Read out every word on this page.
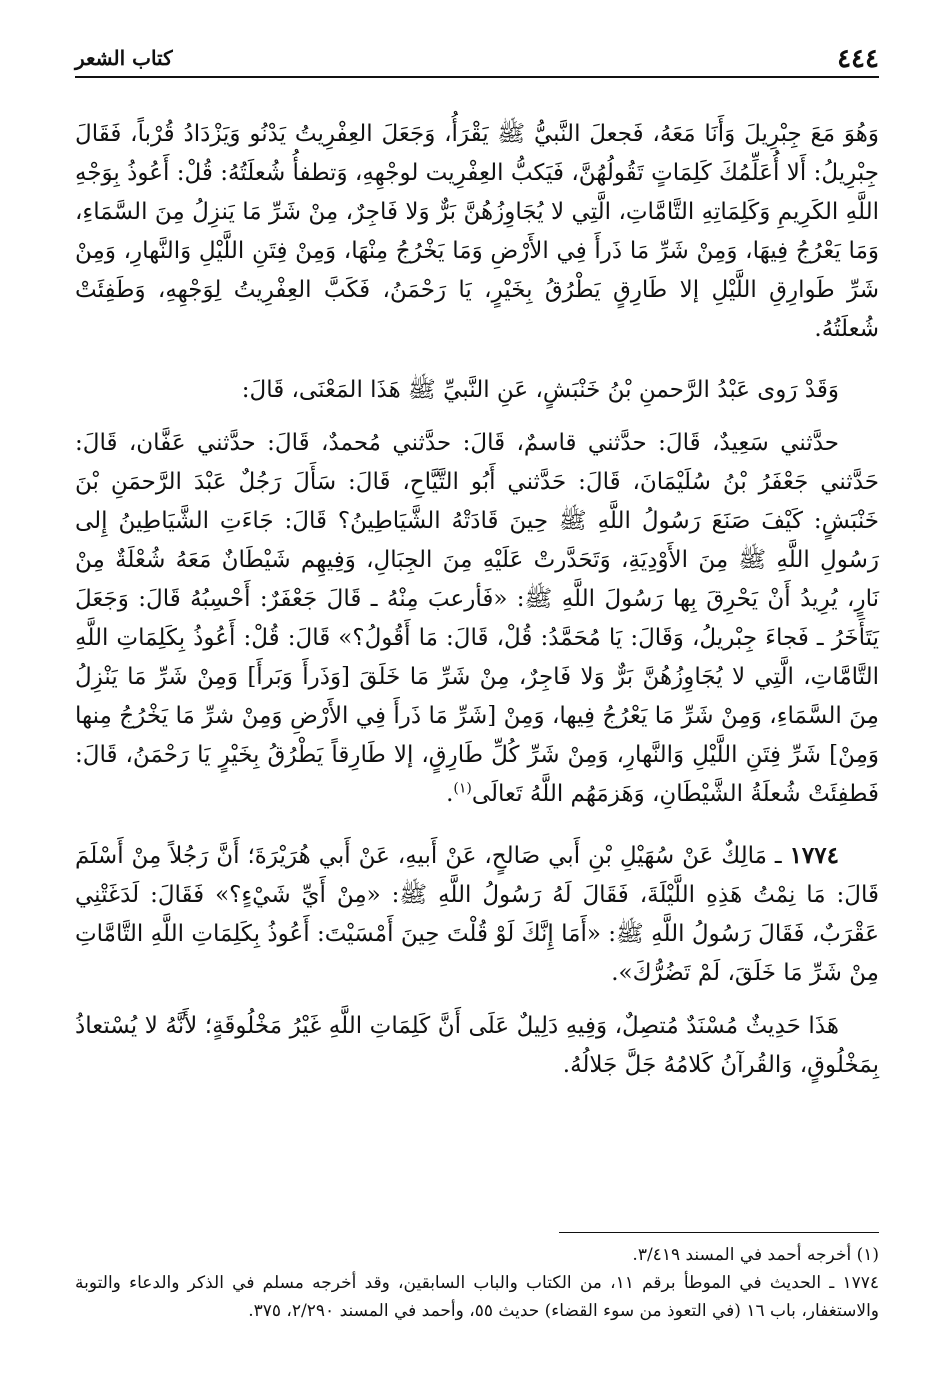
٤٤٤
كتاب الشعر

وَهُوَ مَعَ جِبْرِيلَ وَأَنَا مَعَهُ، فَجعلَ النَّبيُّ ﷺ يَقْرَأُ، وَجَعَلَ العِفْرِيتُ يَدْنُو وَيَزْدَادُ قُرْباً، فَقَالَ جِبْرِيلُ: أَلا أُعَلِّمُكَ كَلِمَاتٍ تَقُولُهُنَّ، فَيَكبُّ العِفْرِيت لوجْهِهِ، وَتطفأُ شُعلَتُهُ: قُلْ: أَعُوذُ بِوَجْهِ اللَّهِ الكَرِيمِ وَكَلِمَاتِهِ التَّامَّاتِ، الَّتِي لا يُجَاوِزُهُنَّ بَرٌّ وَلا فَاجِرٌ، مِنْ شَرِّ مَا يَنزِلُ مِنَ السَّمَاءِ، وَمَا يَعْرُجُ فِيهَا، وَمِنْ شَرِّ مَا ذَرأَ فِي الأَرْضِ وَمَا يَخْرُجُ مِنْهَا، وَمِنْ فِتَنِ اللَّيْلِ وَالنَّهارِ، وَمِنْ شَرِّ طَوارِقِ اللَّيْلِ إلا طَارِقٍ يَطْرُقُ بِخَيْرٍ، يَا رَحْمَنُ، فَكَبَّ العِفْرِيتُ لِوَجْهِهِ، وَطَفِئَتْ شُعلَتُهُ.

وَقَدْ رَوى عَبْدُ الرَّحمنِ بْنُ خَنْبَشٍ، عَنِ النَّبيِّ ﷺ هَذَا المَعْنَى، قَالَ:

حدَّثني سَعِيدٌ، قَالَ: حدَّثني قاسمٌ، قَالَ: حدَّثني مُحمدٌ، قَالَ: حدَّثني عَفَّان، قَالَ: حَدَّثني جَعْفَرُ بْنُ سُلَيْمَانَ، قَالَ: حَدَّثني أَبُو التَّيَّاحِ، قَالَ: سَأَلَ رَجُلٌ عَبْدَ الرَّحمَنِ بْنَ خَنْبَشٍ: كَيْفَ صَنَعَ رَسُولُ اللَّهِ ﷺ حِينَ قَادَتْهُ الشَّيَاطِينُ؟ قَالَ: جَاءَتِ الشَّيَاطِينُ إِلى رَسُولِ اللَّهِ ﷺ مِنَ الأَوْدِيَةِ، وَتَحَدَّرتْ عَلَيْهِ مِنَ الجِبَالِ، وَفِيهِم شَيْطَانٌ مَعَهُ شُعْلَةٌ مِنْ نَارٍ، يُرِيدُ أَنْ يَحْرِقَ بِها رَسُولَ اللَّهِ ﷺ: «فَأرعبَ مِنْهُ ـ قَالَ جَعْفَرٌ: أَحْسِبُهُ قَالَ: وَجَعَلَ يَتَأَخَرُ ـ فَجاءَ جِبْريلُ، وَقَالَ: يَا مُحَمَّدُ: قُلْ، قَالَ: مَا أَقُولُ؟» قَالَ: قُلْ: أَعُوذُ بِكَلِمَاتِ اللَّهِ التَّامَّاتِ، الَّتِي لا يُجَاوِزُهُنَّ بَرٌّ وَلا فَاجِرٌ، مِنْ شَرِّ مَا خَلَقَ [وَذَرأَ وَبَرأَ] وَمِنْ شَرِّ مَا يَنْزِلُ مِنَ السَّمَاءِ، وَمِنْ شَرِّ مَا يَعْرُجُ فِيها، وَمِنْ [شَرِّ مَا ذَرأَ فِي الأَرْضِ وَمِنْ شرِّ مَا يَخْرُجُ مِنها وَمِنْ] شَرِّ فِتَنِ اللَّيْلِ وَالنَّهارِ، وَمِنْ شَرِّ كُلِّ طَارِقٍ، إلا طَارِقاً يَطْرُقُ بِخَيْرٍ يَا رَحْمَنُ، قَالَ: فَطفِئَتْ شُعلَةُ الشَّيْطَانِ، وَهَزمَهُم اللَّهُ تَعالَى$^{(١)}$.

١٧٧٤ ـ مَالِكٌ عَنْ سُهَيْلِ بْنِ أَبي صَالحٍ، عَنْ أَبيهِ، عَنْ أَبي هُرَيْرَةَ؛ أَنَّ رَجُلاً مِنْ أَسْلَمَ قَالَ: مَا نِمْتُ هَذِهِ اللَّيْلَةَ، فَقَالَ لَهُ رَسُولُ اللَّهِ ﷺ: «مِنْ أَيِّ شَيْءٍ؟» فَقَالَ: لَدَغَتْنِي عَقْرَبٌ، فَقَالَ رَسُولُ اللَّهِ ﷺ: «أَمَا إِنَّكَ لَوْ قُلْتَ حِينَ أَمْسَيْتَ: أَعُوذُ بِكَلِمَاتِ اللَّهِ التَّامَّاتِ مِنْ شَرِّ مَا خَلَقَ، لَمْ تَضُرُّكَ».

هَذَا حَدِيثٌ مُسْنَدٌ مُتصِلٌ، وَفِيهِ دَلِيلٌ عَلَى أَنَّ كَلِمَاتِ اللَّهِ غَيْرُ مَخْلُوقَةٍ؛ لأَنَّهُ لا يُسْتعاذُ بِمَخْلُوقٍ، وَالقُرآنُ كَلامُهُ جَلَّ جَلالُهُ.

(١) أخرجه أحمد في المسند ٣/٤١٩.

١٧٧٤ ـ الحديث في الموطأ برقم ١١، من الكتاب والباب السابقين، وقد أخرجه مسلم في الذكر والدعاء والتوبة والاستغفار، باب ١٦ (في التعوذ من سوء القضاء) حديث ٥٥، وأحمد في المسند ٢/٢٩٠، ٣٧٥.
